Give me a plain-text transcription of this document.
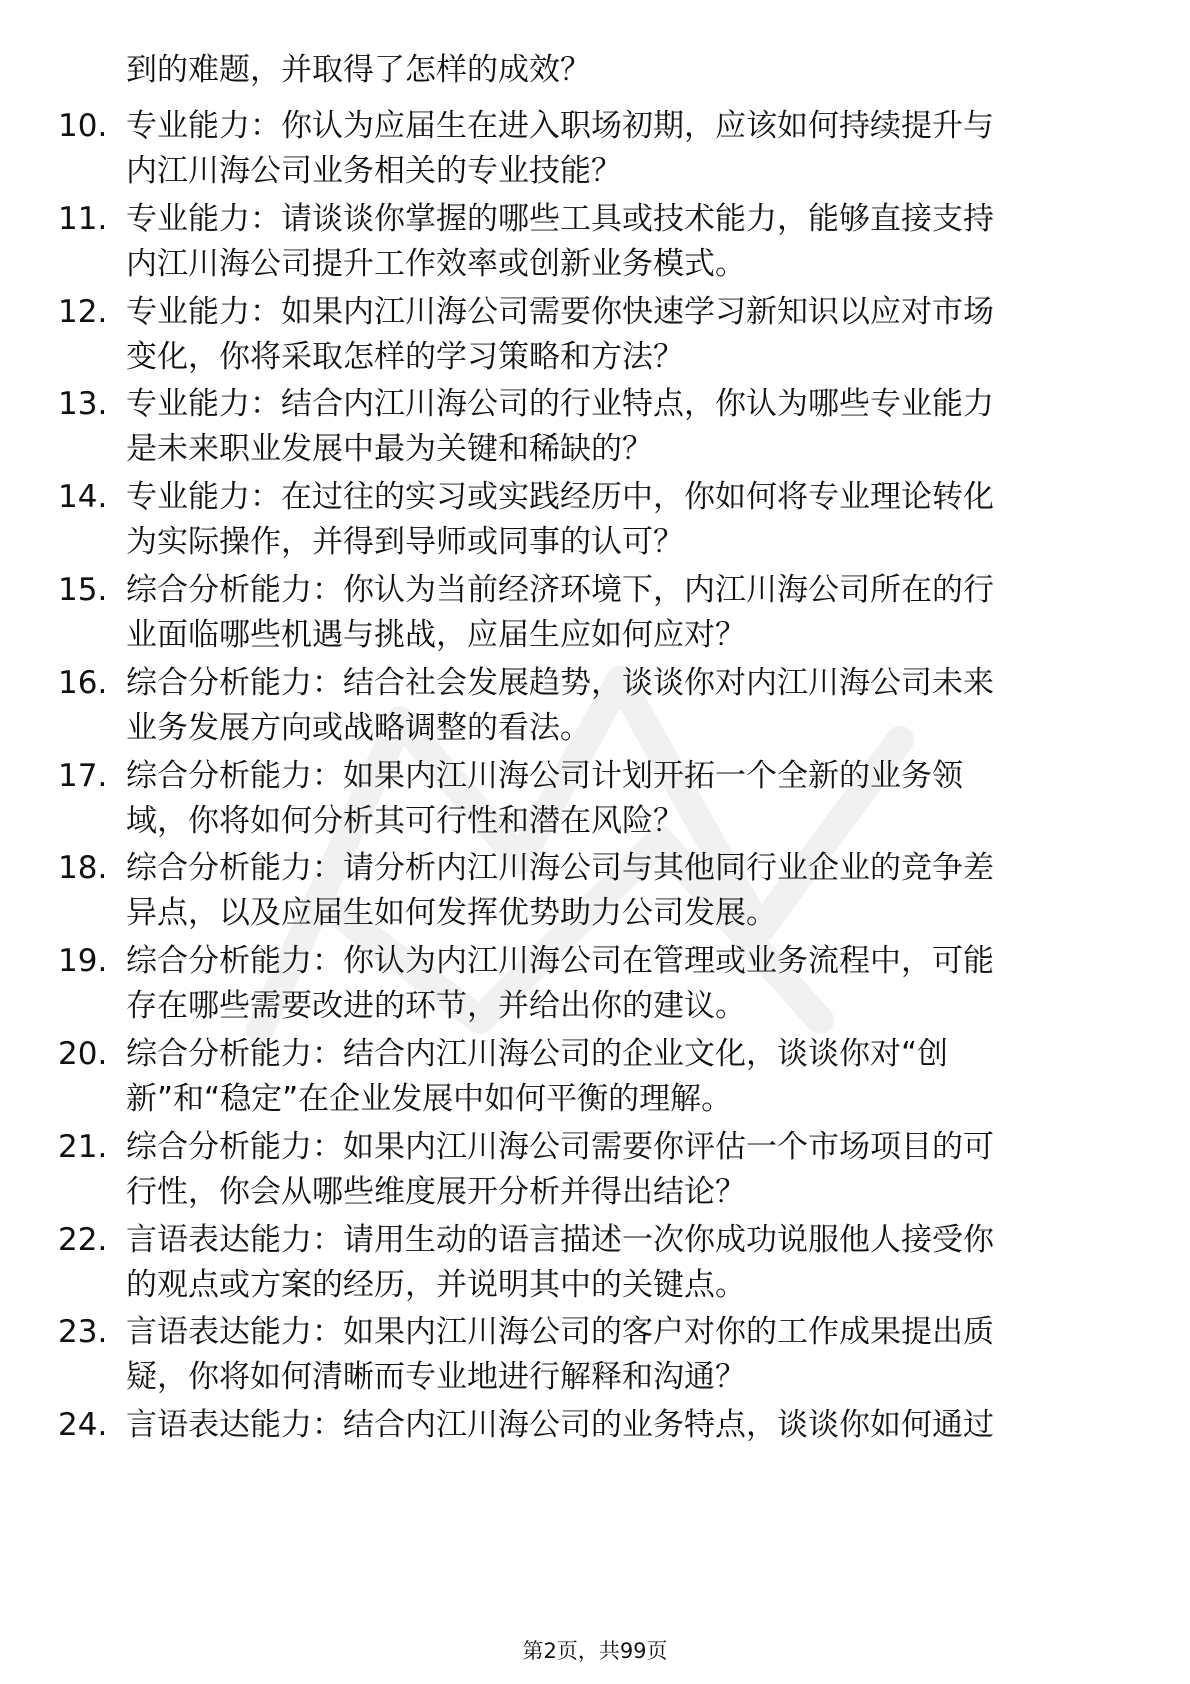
到的难题，并取得了怎样的成效？
10. 专业能力：你认为应届生在进入职场初期，应该如何持续提升与
内江川海公司业务相关的专业技能？
11. 专业能力：请谈谈你掌握的哪些工具或技术能力，能够直接支持
内江川海公司提升工作效率或创新业务模式。
12. 专业能力：如果内江川海公司需要你快速学习新知识以应对市场
变化，你将采取怎样的学习策略和方法？
13. 专业能力：结合内江川海公司的行业特点，你认为哪些专业能力
是未来职业发展中最为关键和稀缺的？
14. 专业能力：在过往的实习或实践经历中，你如何将专业理论转化
为实际操作，并得到导师或同事的认可？
15. 综合分析能力：你认为当前经济环境下，内江川海公司所在的行
业面临哪些机遇与挑战，应届生应如何应对？
16. 综合分析能力：结合社会发展趋势，谈谈你对内江川海公司未来
业务发展方向或战略调整的看法。
17. 综合分析能力：如果内江川海公司计划开拓一个全新的业务领
域，你将如何分析其可行性和潜在风险？
18. 综合分析能力：请分析内江川海公司与其他同行业企业的竞争差
异点，以及应届生如何发挥优势助力公司发展。
19. 综合分析能力：你认为内江川海公司在管理或业务流程中，可能
存在哪些需要改进的环节，并给出你的建议。
20. 综合分析能力：结合内江川海公司的企业文化，谈谈你对“创
新”和“稳定”在企业发展中如何平衡的理解。
21. 综合分析能力：如果内江川海公司需要你评估一个市场项目的可
行性，你会从哪些维度展开分析并得出结论？
22. 言语表达能力：请用生动的语言描述一次你成功说服他人接受你
的观点或方案的经历，并说明其中的关键点。
23. 言语表达能力：如果内江川海公司的客户对你的工作成果提出质
疑，你将如何清晰而专业地进行解释和沟通？
24. 言语表达能力：结合内江川海公司的业务特点，谈谈你如何通过
第2页，共99页
